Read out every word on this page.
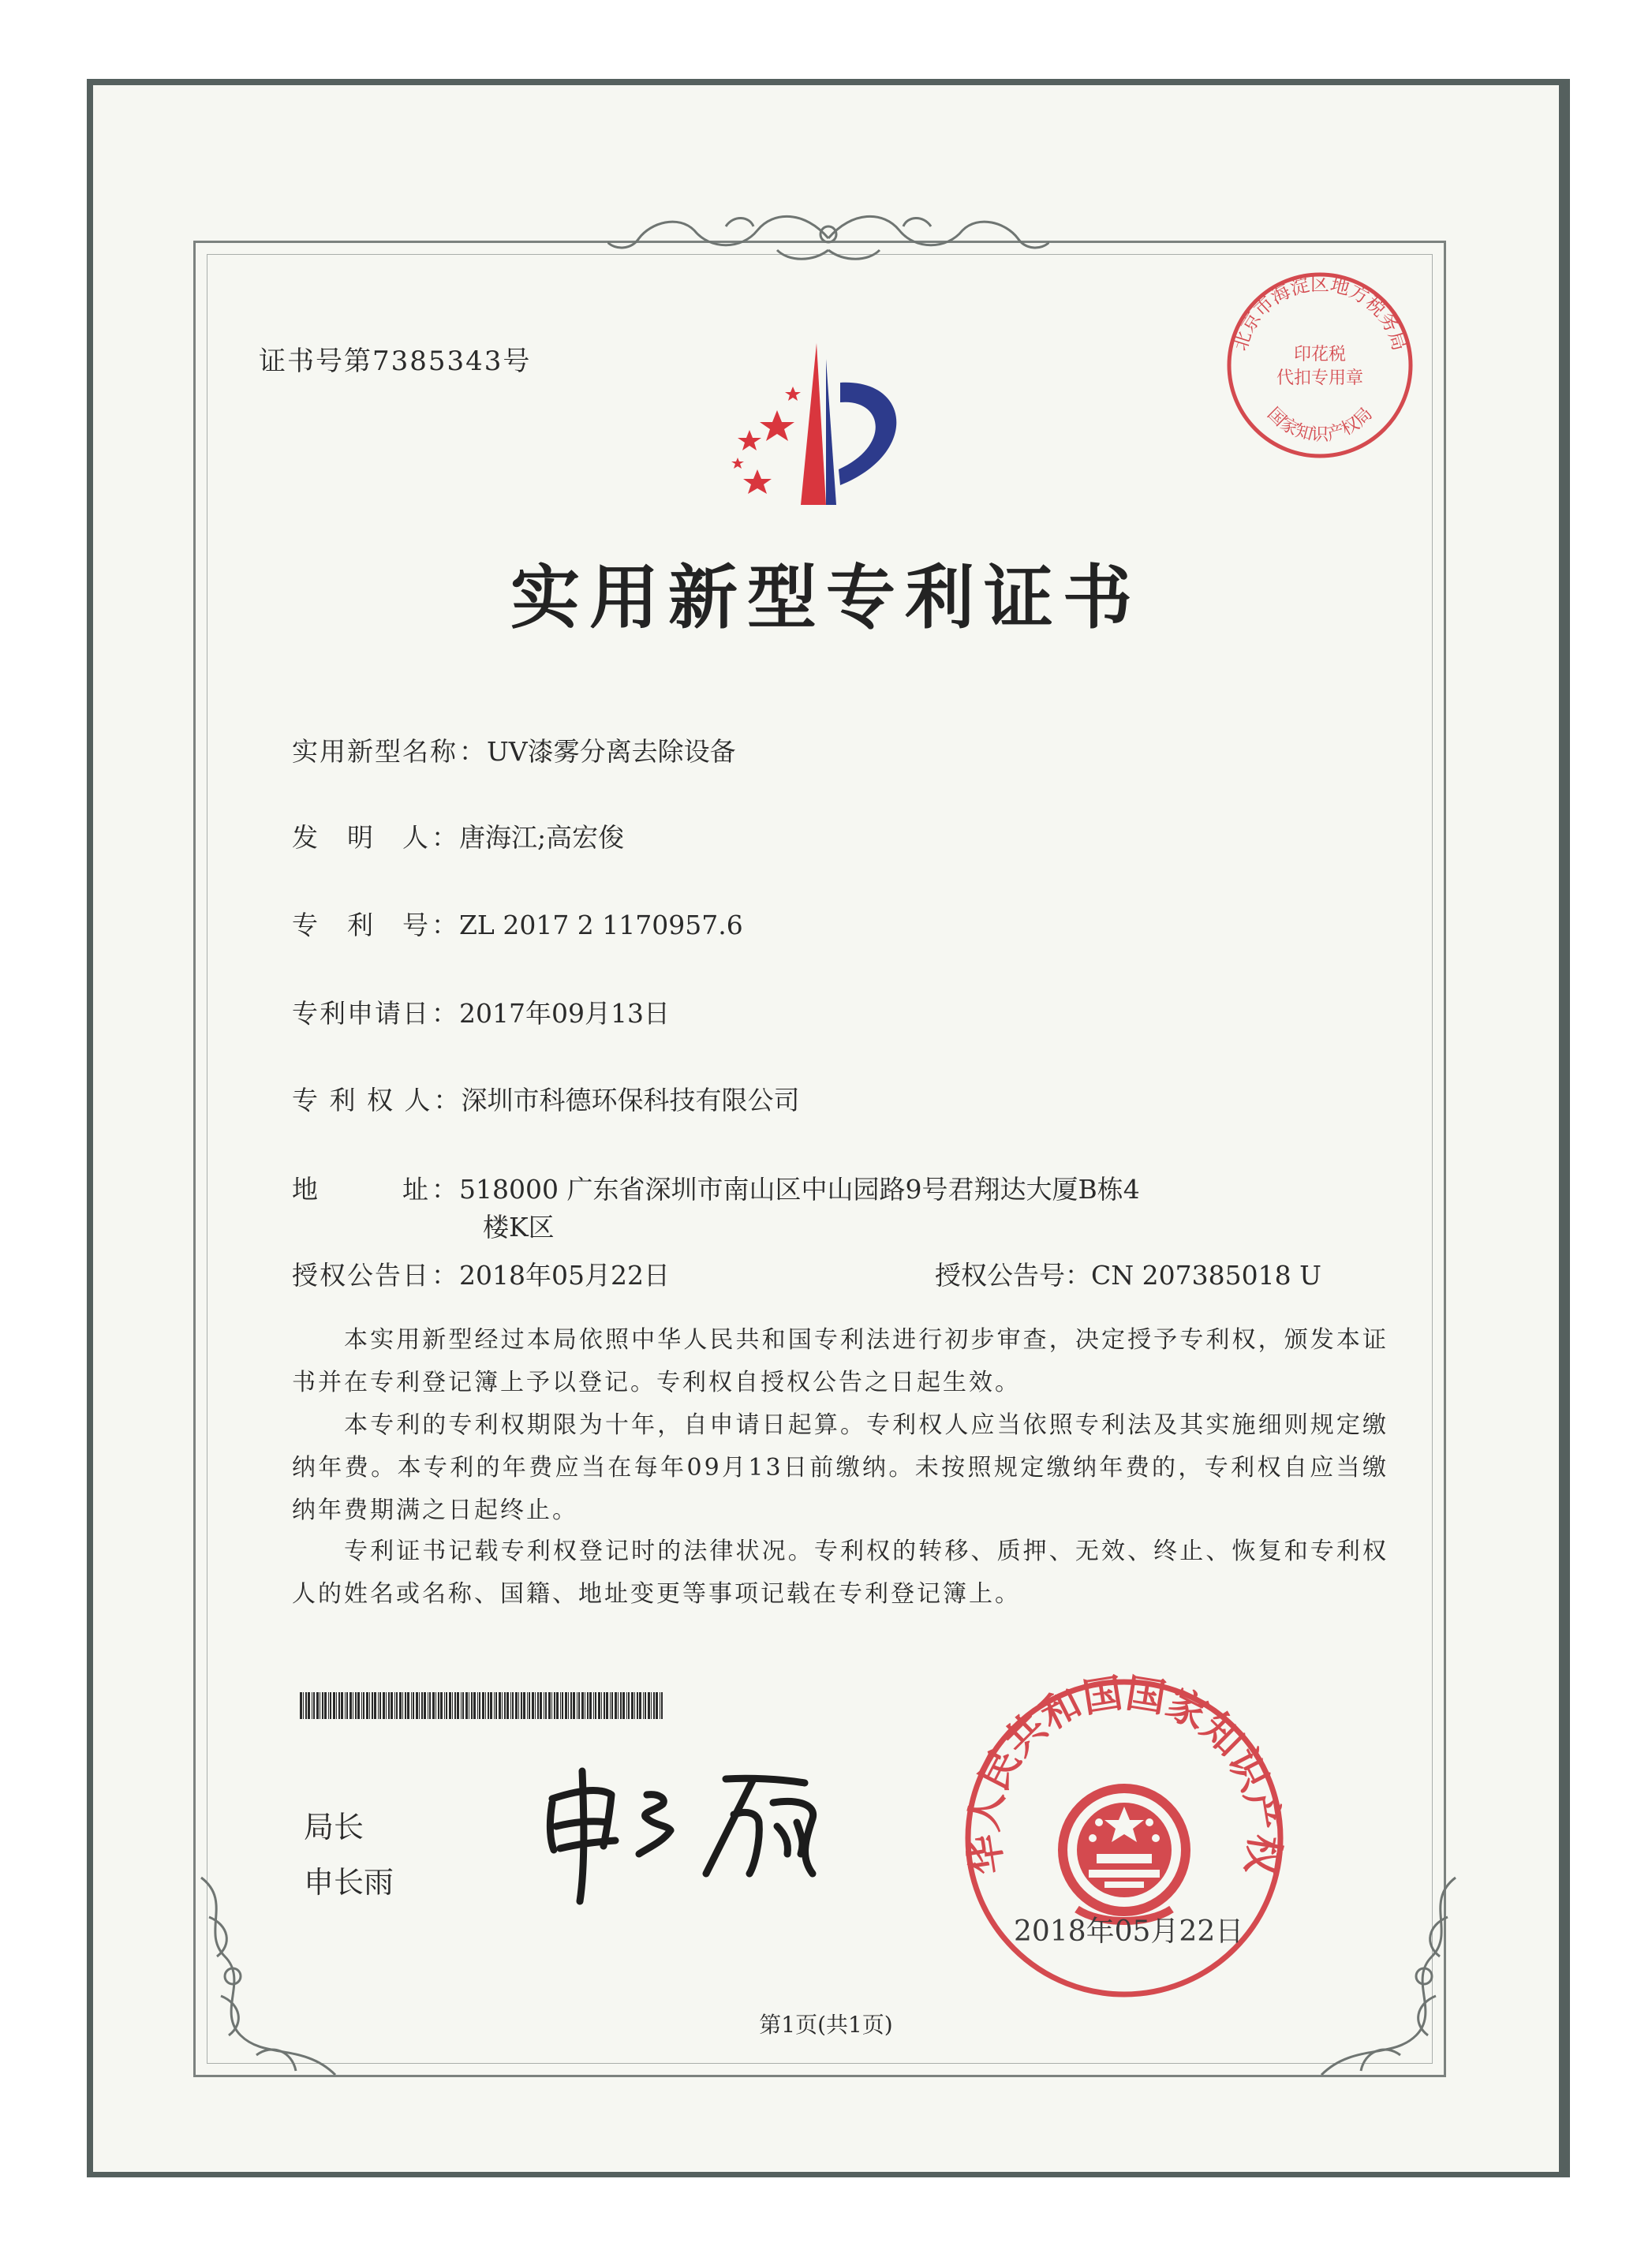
证书号第7385343号
北京市海淀区地方税务局
印花税
代扣专用章
国家知识产权局
实用新型专利证书
实用新型名称：UV漆雾分离去除设备
发　明　人：唐海江;高宏俊
专　利　号：ZL 2017 2 1170957.6
专利申请日：2017年09月13日
专 利 权 人：深圳市科德环保科技有限公司
地　　　址：518000 广东省深圳市南山区中山园路9号君翔达大厦B栋4
楼K区
授权公告日：2018年05月22日	授权公告号：CN 207385018 U
本实用新型经过本局依照中华人民共和国专利法进行初步审查，决定授予专利权，颁发本证书并在专利登记簿上予以登记。专利权自授权公告之日起生效。
本专利的专利权期限为十年，自申请日起算。专利权人应当依照专利法及其实施细则规定缴纳年费。本专利的年费应当在每年09月13日前缴纳。未按照规定缴纳年费的，专利权自应当缴纳年费期满之日起终止。
专利证书记载专利权登记时的法律状况。专利权的转移、质押、无效、终止、恢复和专利权人的姓名或名称、国籍、地址变更等事项记载在专利登记簿上。
局长
申长雨
华人民共和国国家知识产权
2018年05月22日
第1页(共1页)
